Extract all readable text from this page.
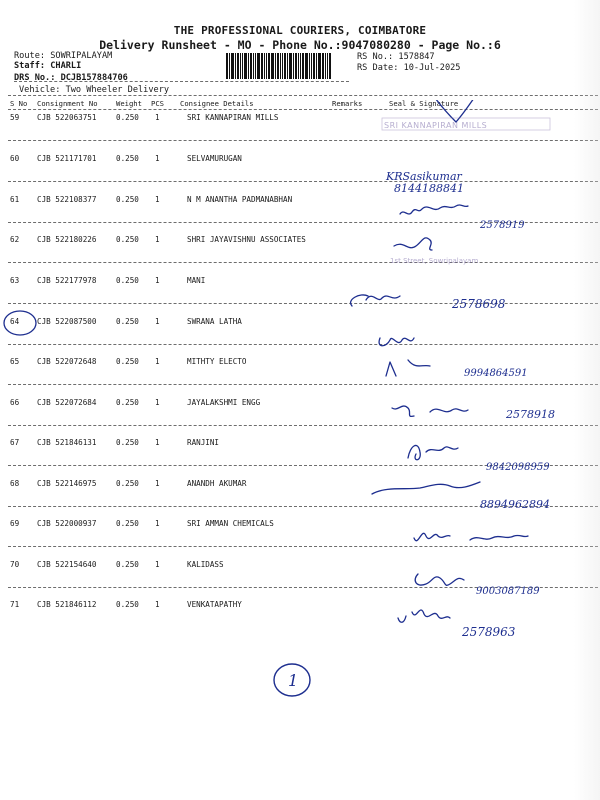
THE PROFESSIONAL COURIERS, COIMBATORE
Delivery Runsheet - MO - Phone No.:9047080280 - Page No.:6
Route: SOWRIPALAYAM
Staff: CHARLI
DRS No.: DCJB157884706
Vehicle: Two Wheeler Delivery
RS No.: 1578847
RS Date: 10-Jul-2025
S No Consignment No	Weight PCS Consignee Details	Remarks	Seal & Signature
59 CJB 522063751	0.250 1	SRI KANNAPIRAN MILLS
60 CJB 521171701	0.250 1	SELVAMURUGAN
61 CJB 522108377	0.250 1	N M ANANTHA PADMANABHAN
62 CJB 522180226	0.250 1	SHRI JAYAVISHNU ASSOCIATES
63 CJB 522177978	0.250 1	MANI
64 CJB 522087500	0.250 1	SWRANA LATHA
65 CJB 522072648	0.250 1	MITHTY ELECTO
66 CJB 522072684	0.250 1	JAYALAKSHMI ENGG
67 CJB 521846131	0.250 1	RANJINI
68 CJB 522146975	0.250 1	ANANDH AKUMAR
69 CJB 522000937	0.250 1	SRI AMMAN CHEMICALS
70 CJB 522154640	0.250 1	KALIDASS
71 CJB 521846112	0.250 1	VENKATAPATHY
SRI KANNAPIRAN MILLS
KRSasikumar
8144188841
2578919
1st Street, Sowripalayam
2578698
9994864591
2578918
9842098959
8894962894
9003087189
2578963
1
